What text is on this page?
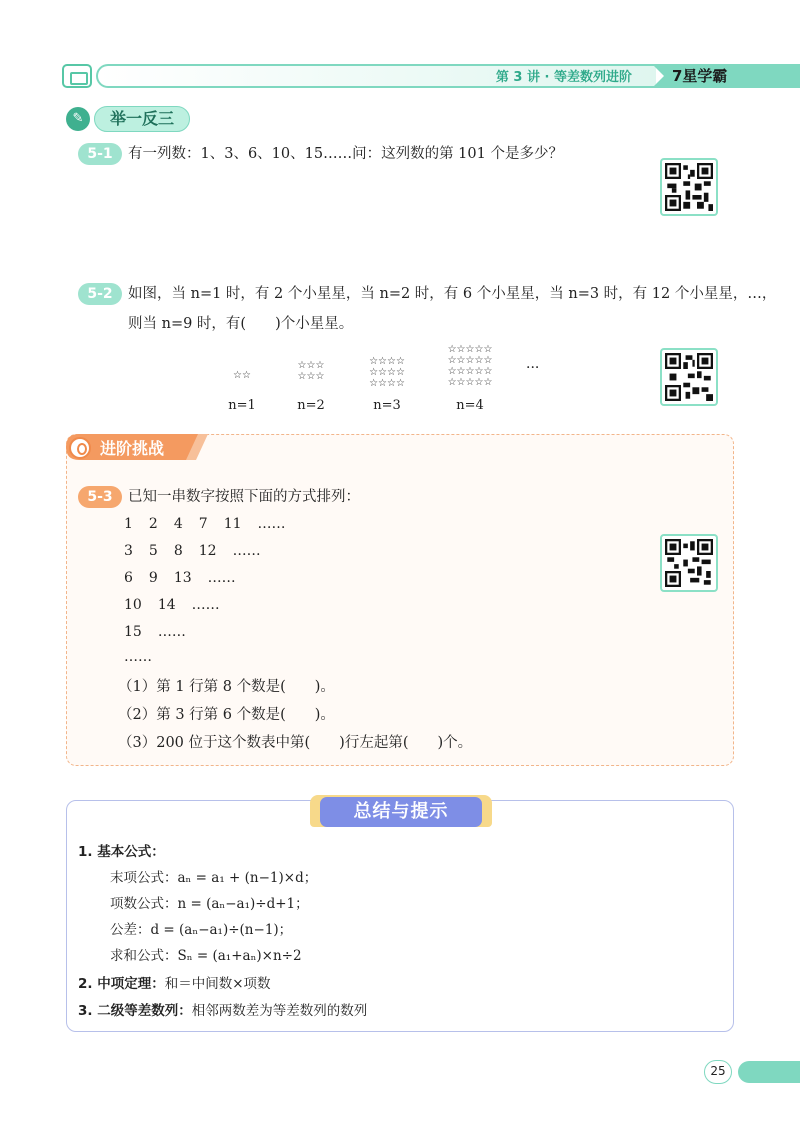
第 3 讲 · 等差数列进阶	7星学霸
✎	举一反三
5-1	有一列数：1、3、6、10、15……问：这列数的第 101 个是多少？
5-2	如图，当 n=1 时，有 2 个小星星，当 n=2 时，有 6 个小星星，当 n=3 时，有 12 个小星星，…，
则当 n=9 时，有(　　)个小星星。
☆☆
n=1
☆☆☆
☆☆☆
n=2
☆☆☆☆
☆☆☆☆
☆☆☆☆
n=3
☆☆☆☆☆
☆☆☆☆☆
☆☆☆☆☆
☆☆☆☆☆
n=4
···
进阶挑战
5-3	已知一串数字按照下面的方式排列：
1 2 4 7 11 ……
3 5 8 12 ……
6 9 13 ……
10 14 ……
15 ……
……
（1）第 1 行第 8 个数是(　　)。
（2）第 3 行第 6 个数是(　　)。
（3）200 位于这个数表中第(　　)行左起第(　　)个。
总结与提示
1. 基本公式：
末项公式：aₙ = a₁ + (n−1)×d；
项数公式：n = (aₙ−a₁)÷d+1；
公差：d = (aₙ−a₁)÷(n−1)；
求和公式：Sₙ = (a₁+aₙ)×n÷2
2. 中项定理：和＝中间数×项数
3. 二级等差数列：相邻两数差为等差数列的数列
25
